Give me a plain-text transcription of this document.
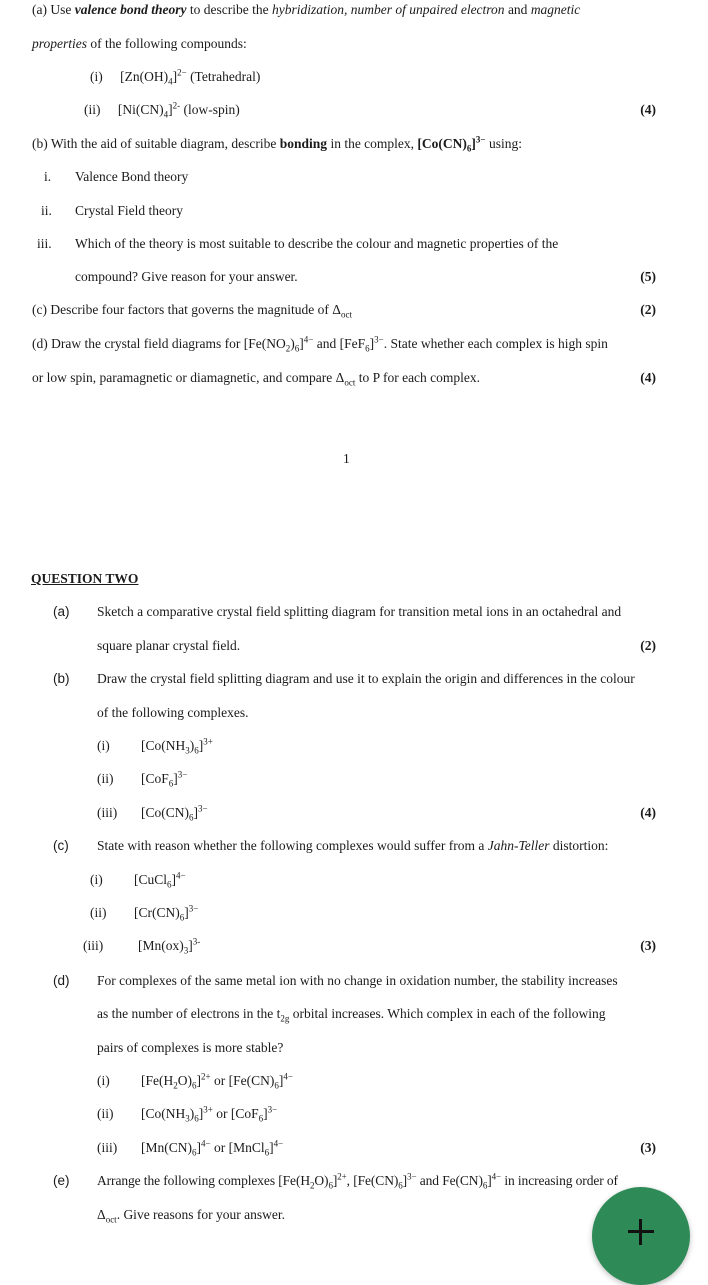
(a) Use valence bond theory to describe the hybridization, number of unpaired electron and magnetic
properties of the following compounds:
(i) $[Zn(OH)_4]^{2-}$ (Tetrahedral)
(ii) $[Ni(CN)_4]^{2-}$ (low-spin)	(4)
(b) With the aid of suitable diagram, describe bonding in the complex, $[Co(CN)_6]^{3-}$ using:
i. Valence Bond theory
ii. Crystal Field theory
iii. Which of the theory is most suitable to describe the colour and magnetic properties of the
compound? Give reason for your answer.	(5)
(c) Describe four factors that governs the magnitude of $\Delta_{oct}$	(2)
(d) Draw the crystal field diagrams for $[Fe(NO_2)_6]^{4-}$ and $[FeF_6]^{3-}$. State whether each complex is high spin
or low spin, paramagnetic or diamagnetic, and compare $\Delta_{oct}$ to P for each complex.	(4)
1
QUESTION TWO
(a) Sketch a comparative crystal field splitting diagram for transition metal ions in an octahedral and
square planar crystal field.	(2)
(b) Draw the crystal field splitting diagram and use it to explain the origin and differences in the colour
of the following complexes.
(i) $[Co(NH_3)_6]^{3+}$
(ii) $[CoF_6]^{3-}$
(iii) $[Co(CN)_6]^{3-}$	(4)
(c) State with reason whether the following complexes would suffer from a Jahn-Teller distortion:
(i) [CuCl$_6$]$^{4-}$
(ii) $[Cr(CN)_6]^{3-}$
(iii)	$[Mn(ox)_3]^{3-}$	(3)
(d) For complexes of the same metal ion with no change in oxidation number, the stability increases
as the number of electrons in the $t_{2g}$ orbital increases. Which complex in each of the following
pairs of complexes is more stable?
(i) $[Fe(H_2O)_6]^{2+}$ or $[Fe(CN)_6]^{4-}$
(ii) $[Co(NH_3)_6]^{3+}$ or $[CoF_6]^{3-}$
(iii) $[Mn(CN)_6]^{4-}$ or [MnCl$_6$]$^{4-}$	(3)
(e) Arrange the following complexes $[Fe(H_2O)_6]^{2+}$, $[Fe(CN)_6]^{3-}$ and $Fe(CN)_6]^{4-}$ in increasing order of
$\Delta_{oct}$. Give reasons for your answer.
